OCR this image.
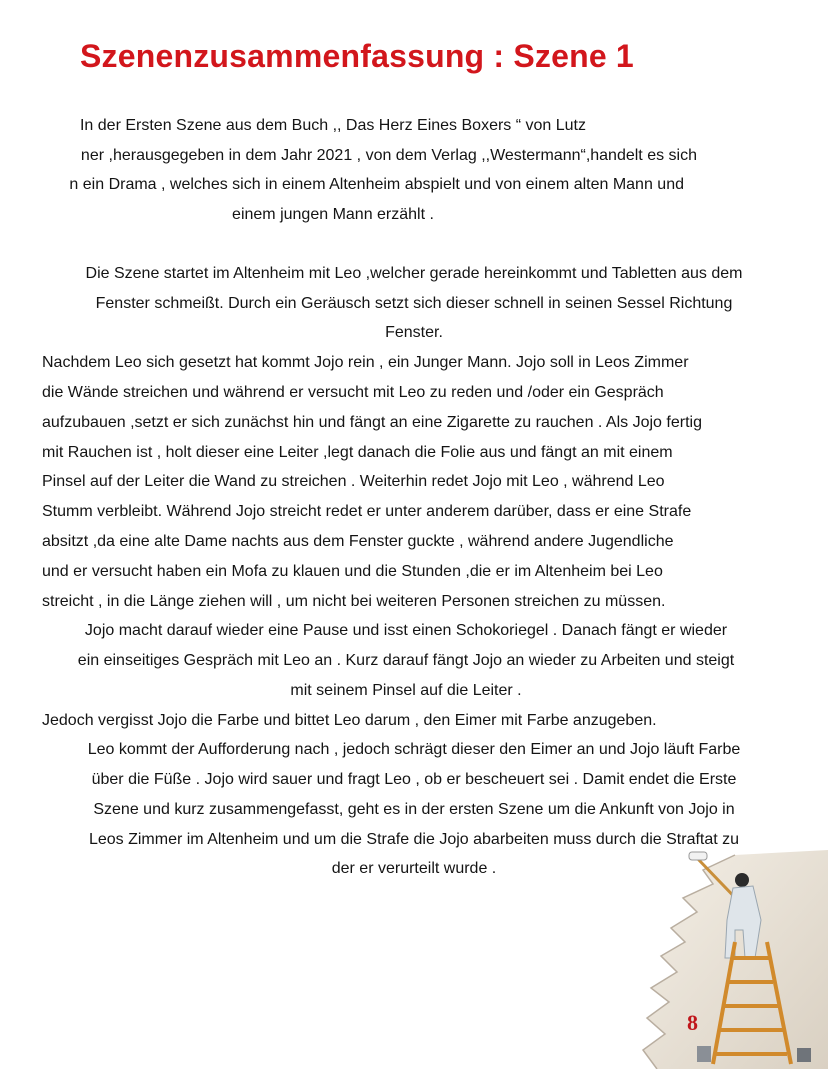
Szenenzusammenfassung : Szene 1
In der Ersten Szene aus dem Buch ,, Das Herz Eines Boxers “ von Lutz
ner ,herausgegeben in dem Jahr 2021 , von dem Verlag ,,Westermann“,handelt es sich
n ein Drama , welches sich in einem Altenheim abspielt und von einem alten Mann und
einem jungen Mann erzählt .
Die Szene startet im Altenheim mit Leo ,welcher gerade hereinkommt und Tabletten aus dem
Fenster schmeißt. Durch ein Geräusch setzt sich dieser schnell in seinen Sessel Richtung
Fenster.
Nachdem Leo sich gesetzt hat kommt Jojo rein , ein Junger Mann. Jojo soll in Leos Zimmer
die Wände streichen und während er versucht mit Leo zu reden und /oder ein Gespräch
aufzubauen ,setzt er sich zunächst hin und fängt an eine Zigarette zu rauchen . Als Jojo fertig
mit Rauchen ist , holt dieser eine Leiter ,legt danach die Folie aus und fängt an mit einem
Pinsel auf der Leiter die Wand zu streichen . Weiterhin redet Jojo mit Leo , während Leo
Stumm verbleibt. Während Jojo streicht redet er unter anderem darüber, dass er eine Strafe
absitzt ,da eine alte Dame nachts aus dem Fenster guckte , während andere Jugendliche
und er versucht haben ein Mofa zu klauen und die Stunden ,die er im Altenheim bei Leo
streicht , in die Länge ziehen will , um nicht bei weiteren Personen streichen zu müssen.
Jojo macht darauf wieder eine Pause und isst einen Schokoriegel . Danach fängt er wieder
ein einseitiges Gespräch mit Leo an . Kurz darauf fängt Jojo an wieder zu Arbeiten und steigt
mit seinem Pinsel auf die Leiter .
Jedoch vergisst Jojo die Farbe und bittet Leo darum , den Eimer mit Farbe anzugeben.
Leo kommt der Aufforderung nach , jedoch schrägt dieser den Eimer an und Jojo läuft Farbe
über die Füße . Jojo wird sauer und fragt Leo , ob er bescheuert sei . Damit endet die Erste
Szene und kurz zusammengefasst, geht es in der ersten Szene um die Ankunft von Jojo in
Leos Zimmer im Altenheim und um die Strafe die Jojo abarbeiten muss durch die Straftat zu
der er verurteilt wurde .
8
